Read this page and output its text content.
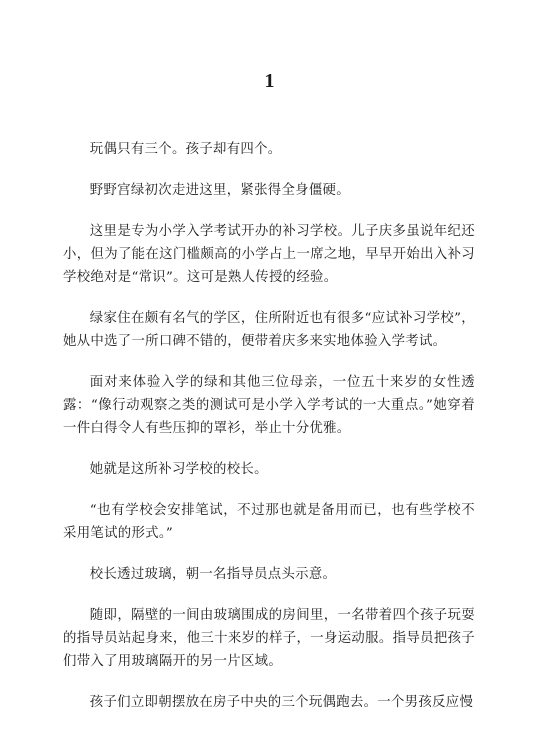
1

玩偶只有三个。孩子却有四个。

野野宫绿初次走进这里，紧张得全身僵硬。

这里是专为小学入学考试开办的补习学校。儿子庆多虽说年纪还小，但为了能在这门槛颇高的小学占上一席之地，早早开始出入补习学校绝对是“常识”。这可是熟人传授的经验。

绿家住在颇有名气的学区，住所附近也有很多“应试补习学校”，她从中选了一所口碑不错的，便带着庆多来实地体验入学考试。

面对来体验入学的绿和其他三位母亲，一位五十来岁的女性透露：“像行动观察之类的测试可是小学入学考试的一大重点。”她穿着一件白得令人有些压抑的罩衫，举止十分优雅。

她就是这所补习学校的校长。

“也有学校会安排笔试，不过那也就是备用而已，也有些学校不采用笔试的形式。”

校长透过玻璃，朝一名指导员点头示意。

随即，隔壁的一间由玻璃围成的房间里，一名带着四个孩子玩耍的指导员站起身来，他三十来岁的样子，一身运动服。指导员把孩子们带入了用玻璃隔开的另一片区域。

孩子们立即朝摆放在房子中央的三个玩偶跑去。一个男孩反应慢
